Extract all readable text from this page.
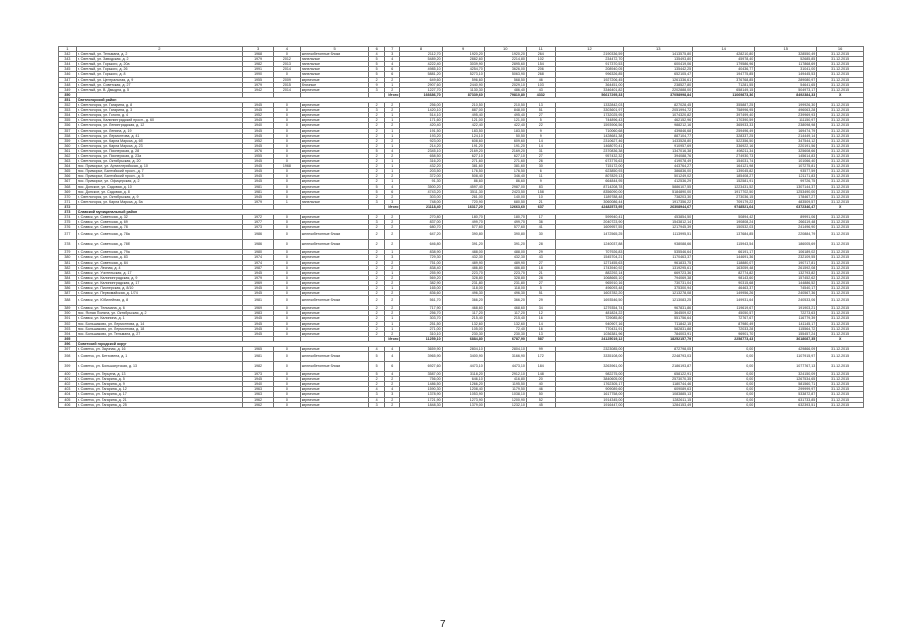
1	2	3	4	5	6	7	8	9	10	11	12	13	14	15	16
342	г. Светлый, ул. Тельмана, д. 2	1968	0	железобетонные блоки	4	3	2112,70	1920,20	1920,20	264	2190336,59	1413575,80	428210,80	328550,49	31.12.2015
343	г. Светлый, ул. Заводская, д. 2	1979	2012	панельные	5	4	5489,20	2882,60	2214,80	102	234472,70	135493,80	45978,40	52685,85	31.12.2015
344	г. Светлый, ул. Горького, д. 20а	1982	2013	панельные	5	4	4222,40	3039,90	2895,60	154	917370,53	600419,06	179586,96	117868,69	31.12.2015
345	г. Светлый, ул. Горького, д. 26	1991	2014	панельные	5	6	4985,10	4254,70	3626,00	206	208940,05	135442,25	40436,77	31041,00	31.12.2015
346	г. Светлый, ул. Горького, д. 8	1990	0	панельные	5	6	5881,20	5273,10	5063,90	268	996326,85	652105,47	194775,85	149445,53	31.12.2015
347	г. Светлый, ул. Центральная, д. 9	1955	2009	кирпичные	2	2	649,60	596,60	568,50	46	1927206,45	1261336,61	376768,85	289080,97	31.12.2015
348	г. Светлый, ул. Советская, д. 27	1979	2015	блочные	9	1	2907,60	2440,90	2029,10	103	364451,00	238527,80	71281,55	54641,65	31.12.2015
349	г. Светлый, ул. В. Дмыдна, д. 5	1942	2014	кирпичные	3	2	1227,70	1130,30	486,40	43	3346401,82	2202888,00	658149,15	504973,17	31.12.2015
350						Итого	166686,70	87339,60	79810,80	4332	56617295,33	37058998,84	11069873,36	8492384,33	X
351	Светлогорский район														
352	г. Светлогорск, ул. Гагарина, д. 8	1945	0	кирпичные	2	2	256,00	210,50	210,50	13	1332842,03	827028,45	355887,25	199926,30	31.12.2015
353	г. Светлогорск, ул. Гагарина, д. 3	1945	0	кирпичные	3	2	1420,10	887,00	848,00	51	3303601,97	2051994,72	758996,95	496063,28	31.12.2015
354	г. Светлогорск, ул. Гоголя, д. 4	1952	0	кирпичные	2	1	514,10	495,40	495,40	27	1732025,95	1074320,82	397499,40	239969,93	31.12.2015
355	г. Светлогорск, Калининградский просп., д. 60	1945	0	кирпичные	2	1	171,60	121,00	121,00	5	744896,43	462152,96	170390,59	111150,97	31.12.2015
356	г. Светлогорск, ул. Ленинградская, д. 12	1940	0	кирпичные	2	2	420,40	422,40	422,40	22	1593906,56	988212,16	365933,33	238098,98	31.12.2015
357	г. Светлогорск, ул. Ленина, д. 19	1945	0	кирпичные	2	1	191,50	183,50	183,50	9	710060,68	439846,68	259496,49	169474,79	31.12.2015
358	г. Светлогорск, ул. Лермонтова, д. 41	1945	0	кирпичные	2	1	193,20	124,10	50,50	9	1428681,38	887104,77	328337,25	214449,14	31.12.2015
359	г. Светлогорск, ул. Карла Маркса, д. 6б	1952	0	кирпичные	2	2	923,00	608,60	609,60	14	2310627,46	1433528,80	522356,50	347544,12	31.12.2015
360	г. Светлогорск, ул. Карла Маркса, д. 23	1945	0	кирпичные	2	1	214,20	191,20	191,20	14	1468070,41	910957,69	336922,16	220191,56	31.12.2015
361	г. Светлогорск, ул. Пионерская, д. 28	1976	0	кирпичные	5	4	2345,10	2169,20	2169,20	31	2370836,38	1347016,38	498211,34	325608,66	31.12.2015
362	г. Светлогорск, ул. Пионерская, д. 23а	1955	0	кирпичные	2	2	658,50	627,10	627,10	27	957432,32	394088,76	274930,73	145614,83	31.12.2015
363	г. Светлогорск, ул. Октябрьская, д. 20	1945	0	кирпичные	2	1	316,20	271,60	271,60	26	673776,63	419078,49	154031,74	101066,40	31.12.2015
364	пос. Приморье, ул. Артиллерийская, д. 10	1945	1968	кирпичные	2	1	432,20	381,60	381,60	30	715172,00	443764,27	164121,98	107275,81	31.12.2015
365	пос. Приморье, Балтийский просп., д. 7	1945	0	кирпичные	2	1	203,50	176,50	176,50	6	623850,93	386836,00	139045,82	93577,59	31.12.2015
366	пос. Приморье, Балтийский просп., д. 5	1945	0	кирпичные	2	2	372,00	508,40	346,40	11	807829,13	501249,02	185408,27	121171,83	31.12.2015
367	пос. Приморье, ул. Офицерская, д. 2	1945	0	кирпичные	2	1	91,30	86,60	86,60	9	664844,95	412536,29	152581,91	99726,75	31.12.2015
368	пос. Донское, ул. Садовая, д. 10	1981	0	кирпичные	5	4	3500,20	4597,40	2987,00	83	8714208,78	5886107,55	1223431,52	1307144,37	31.12.2015
369	пос. Донское, ул. Садовая, д. 8	1981	0	кирпичные	5	6	4743,20	3511,30	2423,50	158	8356090,00	5184890,00	1917702,50	1253490,00	31.12.2015
370	г. Светлогорск, ул. Октябрьская, д. 9	1945	0	кирпичные	2	2	303,00	261,00	140,00	10	1189788,48	738203,30	273036,15	178467,27	31.12.2015
371	г. Светлогорск, ул. Карла Маркса, д. 5а	1979	1	панельные	3	3	748,00	720,90	680,50	21	3060086,44	1917356,22	709179,22	483509,57	31.12.2015
372						Итого	21118,40	16317,20	12663,60	637	42482573,95	26308944,67	9748521,64	6372346,47	X
373	Славский муниципальный район														
374	г. Славск, ул. Советская, д. 32	1972	0	кирпичные	2	2	270,80	180,70	180,70	17	599940,41	453854,50	50894,42	89991,06	31.12.2015
375	г. Славск, ул. Советская, д. 69	1977	0	кирпичные	3	2	837,00	499,70	499,70	36	2040723,90	1543812,14	190808,24	266119,48	31.12.2015
376	г. Славск, ул. Советская, д. 78	1973	0	кирпичные	2	2	680,70	577,60	577,60	41	1609957,55	1217945,39	150532,03	241496,90	31.12.2015
377	г. Славск, ул. Советская, д. 78а	1986	0	железобетонные блоки	2	2	647,20	390,80	390,80	30	1472565,25	1113995,51	137684,85	220884,79	31.12.2015
378	г. Славск, ул. Советская, д. 78б	1986	0	железобетонные блоки	2	2	646,80	391,20	391,20	28	1240037,88	938088,66	115943,54	186005,69	31.12.2015
379	г. Славск, ул. Советская, д. 79а	1980	0	кирпичные	2	1	838,90	488,00	488,00	29	707926,83	535546,64	66191,17	106189,02	31.12.2015
380	г. Славск, ул. Советская, д. 83	1974	0	кирпичные	2	3	729,30	432,30	432,30	43	1545704,21	1170463,37	144691,36	232109,55	31.12.2015
381	г. Славск, ул. Советская, д. 84	1974	0	кирпичные	2	2	751,00	489,90	489,90	27	1271455,63	961833,75	118880,07	190717,81	31.12.2015
382	г. Славск, ул. Лесная, д. 4	1987	0	кирпичные	2	2	838,40	486,80	486,80	18	1743940,92	1319295,61	163059,48	261592,08	31.12.2015
383	г. Славск, ул. Учительская, д. 17	1945	0	кирпичные	2	1	255,90	223,70	223,70	21	882292,14	669723,36	82774,82	132793,82	31.12.2015
384	г. Славск, ул. Калининградская, д. 9	1979	0	кирпичные	2	2	569,20	328,80	328,80	28	1068665,10	794069,38	98143,60	157452,62	31.12.2015
385	г. Славск, ул. Калининградская, д. 17	1969	0	кирпичные	2	2	382,90	231,80	231,80	27	965910,16	730731,04	90315,68	144886,52	31.12.2015
386	г. Славск, ул. Пионерская, д. 8/10	1945	0	кирпичные	2	1	165,00	118,00	118,00	5	496093,48	375300,94	46463,37	74540,17	31.12.2015
387	г. Славск, ул. Первомайская, д. 1/74	1945	0	кирпичные	2	2	836,60	496,30	496,30	51	1603782,20	1213278,08	149956,26	240567,36	31.12.2015
388	г. Славск, ул. Юбилейная, д. 8	1981	0	железобетонные блоки	2	2	561,70	366,20	366,20	29	1693546,50	1213083,25	149931,64	240533,06	31.12.2015
389	г. Славск, ул. Тельмана, д. 6	1969	0	кирпичные	2	2	717,90	468,60	468,60	34	1279354,74	967831,86	119619,67	191903,21	31.12.2015
390	пос. Ясная Поляна, ул. Октябрьская, д. 2	1983	0	кирпичные	2	2	256,70	117,20	117,20	12	481824,22	364509,02	45050,57	72273,63	31.12.2015
391	г. Славск, ул. Калинина, д. 1	1945	0	кирпичные	2	1	303,70	215,40	215,40	16	729085,80	551756,64	72767,67	116779,39	31.12.2015
392	пос. Большаково, ул. Лермонтова, д. 14	1945	0	кирпичные	2	1	251,50	132,60	132,60	14	940907,16	711842,15	87980,49	141145,17	31.12.2015
393	пос. Большаково, ул. Лермонтова, д. 18	1945	0	кирпичные	2	1	271,00	105,00	72,40	16	770431,91	582831,88	72033,28	115564,72	31.12.2015
394	пос. Большаково, ул. Тельмана, д. 27	1945	0	кирпичные	2	2	310,10	230,30	230,30	13	1036381,96	784003,91	96901,70	155457,24	31.12.2015
395						Итого	11259,10	6884,80	6787,90	587	24125019,12	18252157,79	2258773,43	3618087,35	X
396	Советский городской округ														
397	г. Советск, ул. Заучная, д. 16	1965	0	кирпичные	4	4	3659,90	2804,10	2804,10	99	2323085,00	872798,05	0,00	429866,09	31.12.2015
398	г. Советск, ул. Бетховена, д. 1	1981	0	железобетонные блоки	5	4	3965,90	3400,90	3166,90	172	3335108,00	2248793,03	0,00	1107915,97	31.12.2015
399	г. Советск, ул. Большагутская, д. 13	1982	0	железобетонные блоки	5	6	6927,60	4473,10	4473,10	184	3263961,00	2186193,87	0,00	1077767,13	31.12.2015
400	г. Советск, ул. Герцена, д. 13	1973	0	кирпичные	5	4	3587,00	3118,20	2912,10	148	982275,00	658122,91	0,00	324150,09	31.12.2015
401	г. Советск, ул. Гагарина, д. 5	1945	0	кирпичные	2	2	756,00	646,10	416,80	20	3840605,00	2573070,35	0,00	1267534,65	31.12.2015
402	г. Советск, ул. Гагарина, д. 9	1940	0	кирпичные	2	2	1486,50	1266,20	1195,50	40	1762305,17	1180744,46	0,00	581560,71	31.12.2015
403	г. Советск, ул. Гагарина, д. 12	1963	0	кирпичные	4	4	1590,30	1208,40	1179,50	46	909089,60	609089,63	0,00	299999,97	31.12.2015
404	г. Советск, ул. Гагарина, д. 17	1963	0	кирпичные	3	3	1378,90	1053,90	1038,10	50	1617758,00	1083885,13	0,00	533872,87	31.12.2015
405	г. Советск, ул. Гагарина, д. 21	1962	0	кирпичные	4	2	1721,90	1273,90	1200,90	52	1914345,00	1282611,15	0,00	631733,85	31.12.2015
406	г. Советск, ул. Гагарина, д. 25	1962	0	кирпичные	3	2	1848,30	1379,00	1232,10	45	1916447,00	1284153,49	0,00	632393,51	31.12.2015
7
